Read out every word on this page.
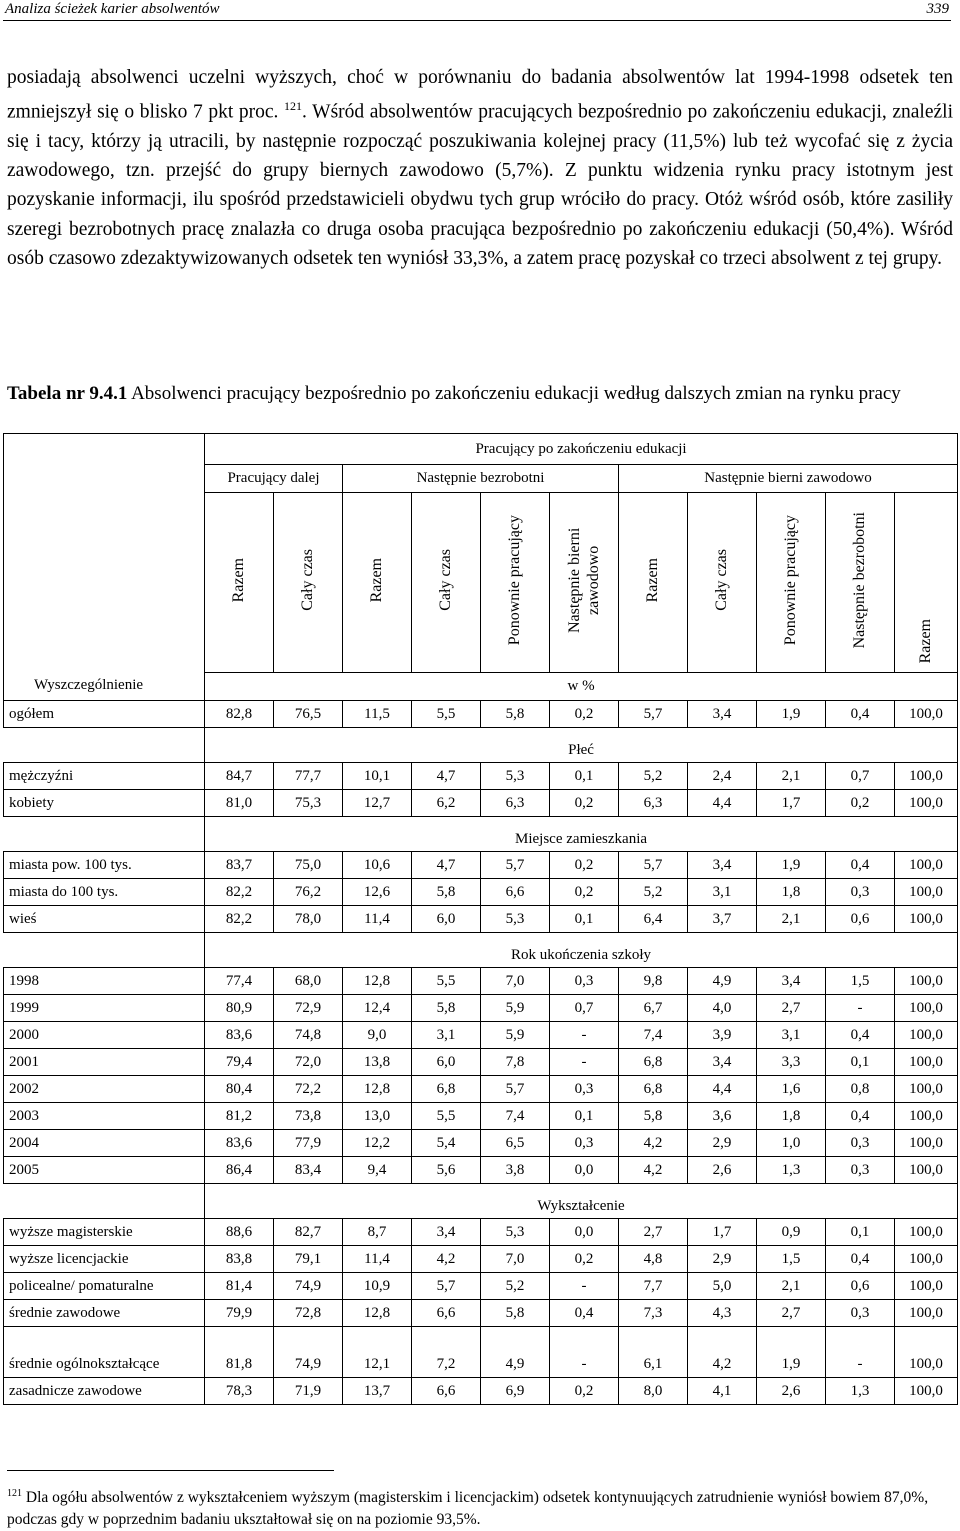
Analiza ścieżek karier absolwentów	339

posiadają absolwenci uczelni wyższych, choć w porównaniu do badania absolwentów lat 1994-1998 odsetek ten zmniejszył się o blisko 7 pkt proc. $^{121}$. Wśród absolwentów pracujących bezpośrednio po zakończeniu edukacji, znaleźli się i tacy, którzy ją utracili, by następnie rozpocząć poszukiwania kolejnej pracy (11,5%) lub też wycofać się z życia zawodowego, tzn. przejść do grupy biernych zawodowo (5,7%). Z punktu widzenia rynku pracy istotnym jest pozyskanie informacji, ilu spośród przedstawicieli obydwu tych grup wróciło do pracy. Otóż wśród osób, które zasiliły szeregi bezrobotnych pracę znalazła co druga osoba pracująca bezpośrednio po zakończeniu edukacji (50,4%). Wśród osób czasowo zdezaktywizowanych odsetek ten wyniósł 33,3%, a zatem pracę pozyskał co trzeci absolwent z tej grupy.

Tabela nr 9.4.1 Absolwenci pracujący bezpośrednio po zakończeniu edukacji według dalszych zmian na rynku pracy

Wyszczególnienie	Pracujący po zakończeniu edukacji										
	Pracujący dalej		Następnie bezrobotni				Następnie bierni zawodowo				
	Razem	Cały czas	Razem	Cały czas	Ponownie pracujący	Następnie bierni zawodowo	Razem	Cały czas	Ponownie pracujący	Następnie bezrobotni	Razem
	w %										
ogółem	82,8	76,5	11,5	5,5	5,8	0,2	5,7	3,4	1,9	0,4	100,0
	Płeć										
mężczyźni	84,7	77,7	10,1	4,7	5,3	0,1	5,2	2,4	2,1	0,7	100,0
kobiety	81,0	75,3	12,7	6,2	6,3	0,2	6,3	4,4	1,7	0,2	100,0
	Miejsce zamieszkania										
miasta pow. 100 tys.	83,7	75,0	10,6	4,7	5,7	0,2	5,7	3,4	1,9	0,4	100,0
miasta do 100 tys.	82,2	76,2	12,6	5,8	6,6	0,2	5,2	3,1	1,8	0,3	100,0
wieś	82,2	78,0	11,4	6,0	5,3	0,1	6,4	3,7	2,1	0,6	100,0
	Rok ukończenia szkoły										
1998	77,4	68,0	12,8	5,5	7,0	0,3	9,8	4,9	3,4	1,5	100,0
1999	80,9	72,9	12,4	5,8	5,9	0,7	6,7	4,0	2,7	-	100,0
2000	83,6	74,8	9,0	3,1	5,9	-	7,4	3,9	3,1	0,4	100,0
2001	79,4	72,0	13,8	6,0	7,8	-	6,8	3,4	3,3	0,1	100,0
2002	80,4	72,2	12,8	6,8	5,7	0,3	6,8	4,4	1,6	0,8	100,0
2003	81,2	73,8	13,0	5,5	7,4	0,1	5,8	3,6	1,8	0,4	100,0
2004	83,6	77,9	12,2	5,4	6,5	0,3	4,2	2,9	1,0	0,3	100,0
2005	86,4	83,4	9,4	5,6	3,8	0,0	4,2	2,6	1,3	0,3	100,0
	Wykształcenie										
wyższe magisterskie	88,6	82,7	8,7	3,4	5,3	0,0	2,7	1,7	0,9	0,1	100,0
wyższe licencjackie	83,8	79,1	11,4	4,2	7,0	0,2	4,8	2,9	1,5	0,4	100,0
policealne/ pomaturalne	81,4	74,9	10,9	5,7	5,2	-	7,7	5,0	2,1	0,6	100,0
średnie zawodowe	79,9	72,8	12,8	6,6	5,8	0,4	7,3	4,3	2,7	0,3	100,0
średnie ogólnokształcące	81,8	74,9	12,1	7,2	4,9	-	6,1	4,2	1,9	-	100,0
zasadnicze zawodowe	78,3	71,9	13,7	6,6	6,9	0,2	8,0	4,1	2,6	1,3	100,0

$^{121}$ Dla ogółu absolwentów z wykształceniem wyższym (magisterskim i licencjackim) odsetek kontynuujących zatrudnienie wyniósł bowiem 87,0%, podczas gdy w poprzednim badaniu ukształtował się on na poziomie 93,5%.
